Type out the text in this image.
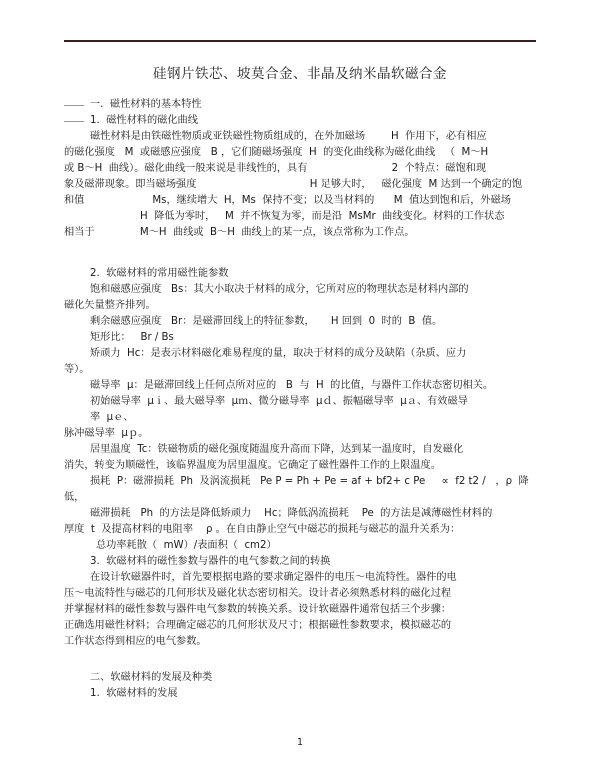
硅钢片铁芯、坡莫合金、非晶及纳米晶软磁合金
一.  磁性材料的基本特性
1.  磁性材料的磁化曲线
磁性材料是由铁磁性物质或亚铁磁性物质组成的，在外加磁场        H  作用下，必有相应
的磁化强度   M  或磁感应强度   B ，它们随磁场强度  H  的变化曲线称为磁化曲线   （  M～H
或 B～H  曲线）。磁化曲线一般来说是非线性的，具有                          2  个特点：磁饱和现
象及磁滞现象。即当磁场强度                                   H 足够大时，   磁化强度  M 达到一个确定的饱
和值                     Ms，继续增大  H，Ms  保持不变；以及当材料的      M  值达到饱和后，外磁场
H  降低为零时，   M  并不恢复为零，而是沿  MsMr  曲线变化。材料的工作状态
相当于              M～H  曲线或  B～H  曲线上的某一点，该点常称为工作点。
2.  软磁材料的常用磁性能参数
饱和磁感应强度   Bs：其大小取决于材料的成分，它所对应的物理状态是材料内部的
磁化矢量整齐排列。
剩余磁感应强度   Br：是磁滞回线上的特征参数，     H 回到  0  时的  B  值。
矩形比：   Br / Bs
矫顽力  Hc：是表示材料磁化难易程度的量，取决于材料的成分及缺陷（杂质、应力
等）。
磁导率  μ：是磁滞回线上任何点所对应的   B  与  H  的比值，与器件工作状态密切相关。
初始磁导率  μｉ、最大磁导率  μｍ、微分磁导率  μｄ、振幅磁导率  μａ、有效磁导
率  μｅ、
脉冲磁导率  μｐ。
居里温度  Tc：铁磁物质的磁化强度随温度升高而下降，达到某一温度时，自发磁化
消失，转变为顺磁性，该临界温度为居里温度。它确定了磁性器件工作的上限温度。
损耗  P：磁滞损耗  Ph  及涡流损耗   Pe P = Ph + Pe = af + bf2+ c Pe     ∝  f2 t2 /   ，ρ  降
低，
磁滞损耗   Ph  的方法是降低矫顽力    Hc；降低涡流损耗    Pe  的方法是减薄磁性材料的
厚度  t  及提高材料的电阻率    ρ 。在自由静止空气中磁芯的损耗与磁芯的温升关系为：
总功率耗散（  mW）/表面积（  cm2）
3.  软磁材料的磁性参数与器件的电气参数之间的转换
在设计软磁器件时，首先要根据电路的要求确定器件的电压～电流特性。器件的电
压～电流特性与磁芯的几何形状及磁化状态密切相关。设计者必须熟悉材料的磁化过程
并掌握材料的磁性参数与器件电气参数的转换关系。设计软磁器件通常包括三个步骤：
正确选用磁性材料；合理确定磁芯的几何形状及尺寸；根据磁性参数要求，模拟磁芯的
工作状态得到相应的电气参数。
二、软磁材料的发展及种类
1.  软磁材料的发展
1
